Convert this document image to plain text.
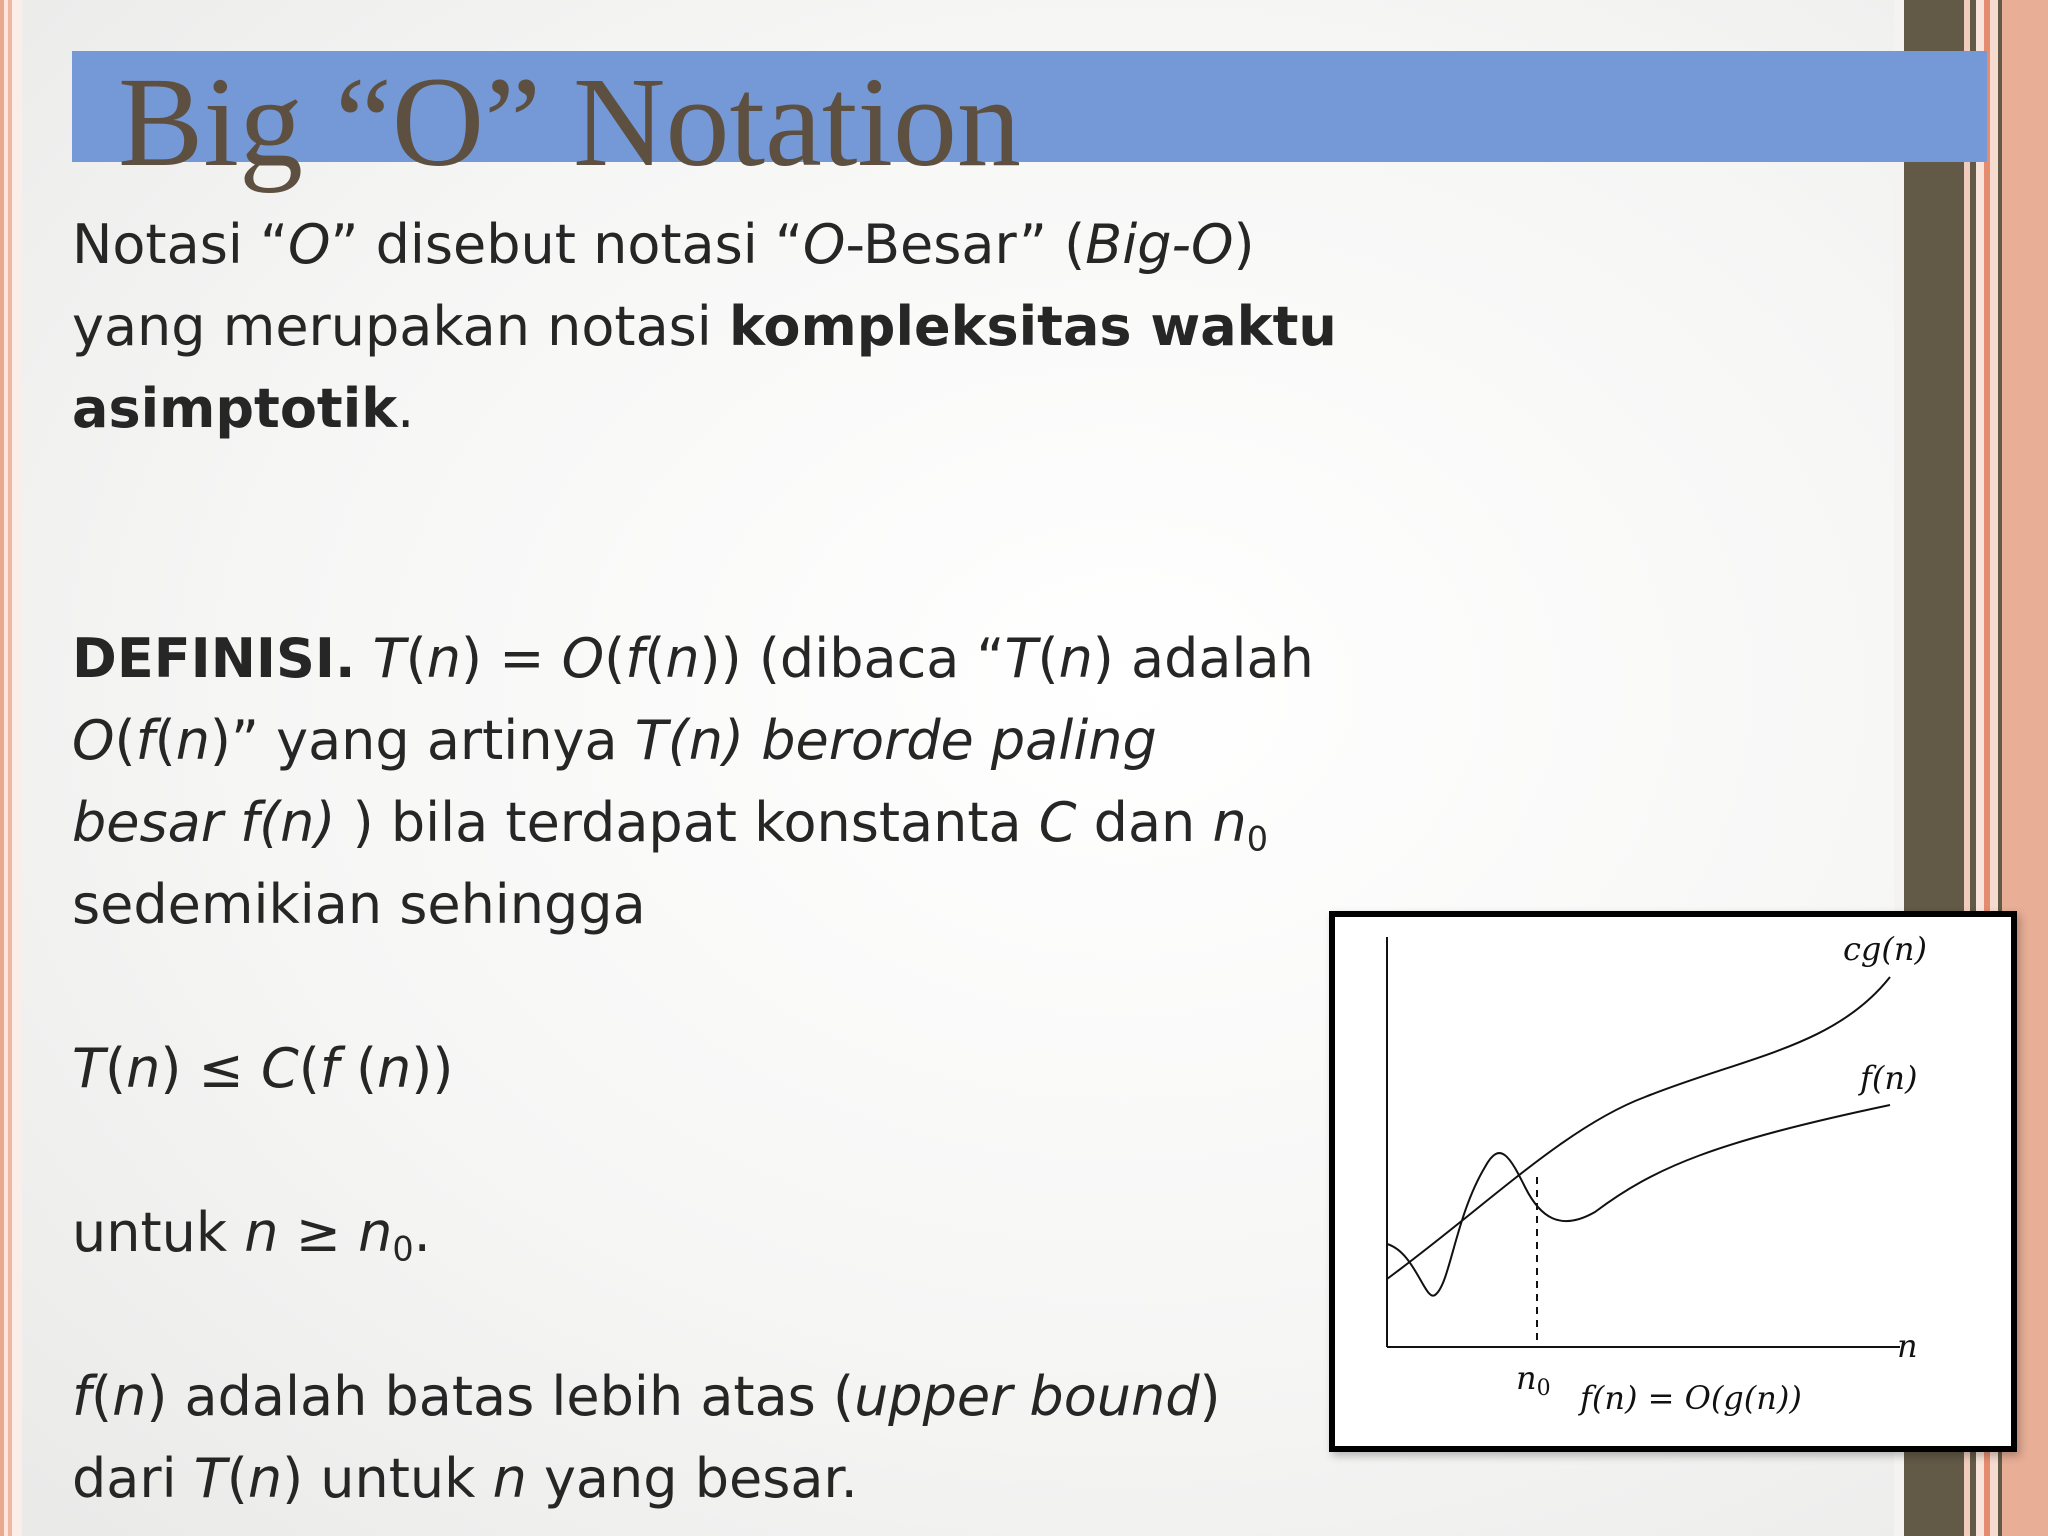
Big “O” Notation

Notasi “O” disebut notasi “O-Besar” (Big-O)

yang merupakan notasi kompleksitas waktu

asimptotik.

DEFINISI. T(n) = O(f(n)) (dibaca “T(n) adalah

O(f(n)” yang artinya T(n) berorde paling

besar f(n) ) bila terdapat konstanta C dan $n_0$

sedemikian sehingga

T(n) ≤ C(f (n))

untuk $n \ge n_0$.

f(n) adalah batas lebih atas (upper bound)

dari T(n) untuk n yang besar.

cg(n)
f(n)
n
n0 f(n) = O(g(n))
